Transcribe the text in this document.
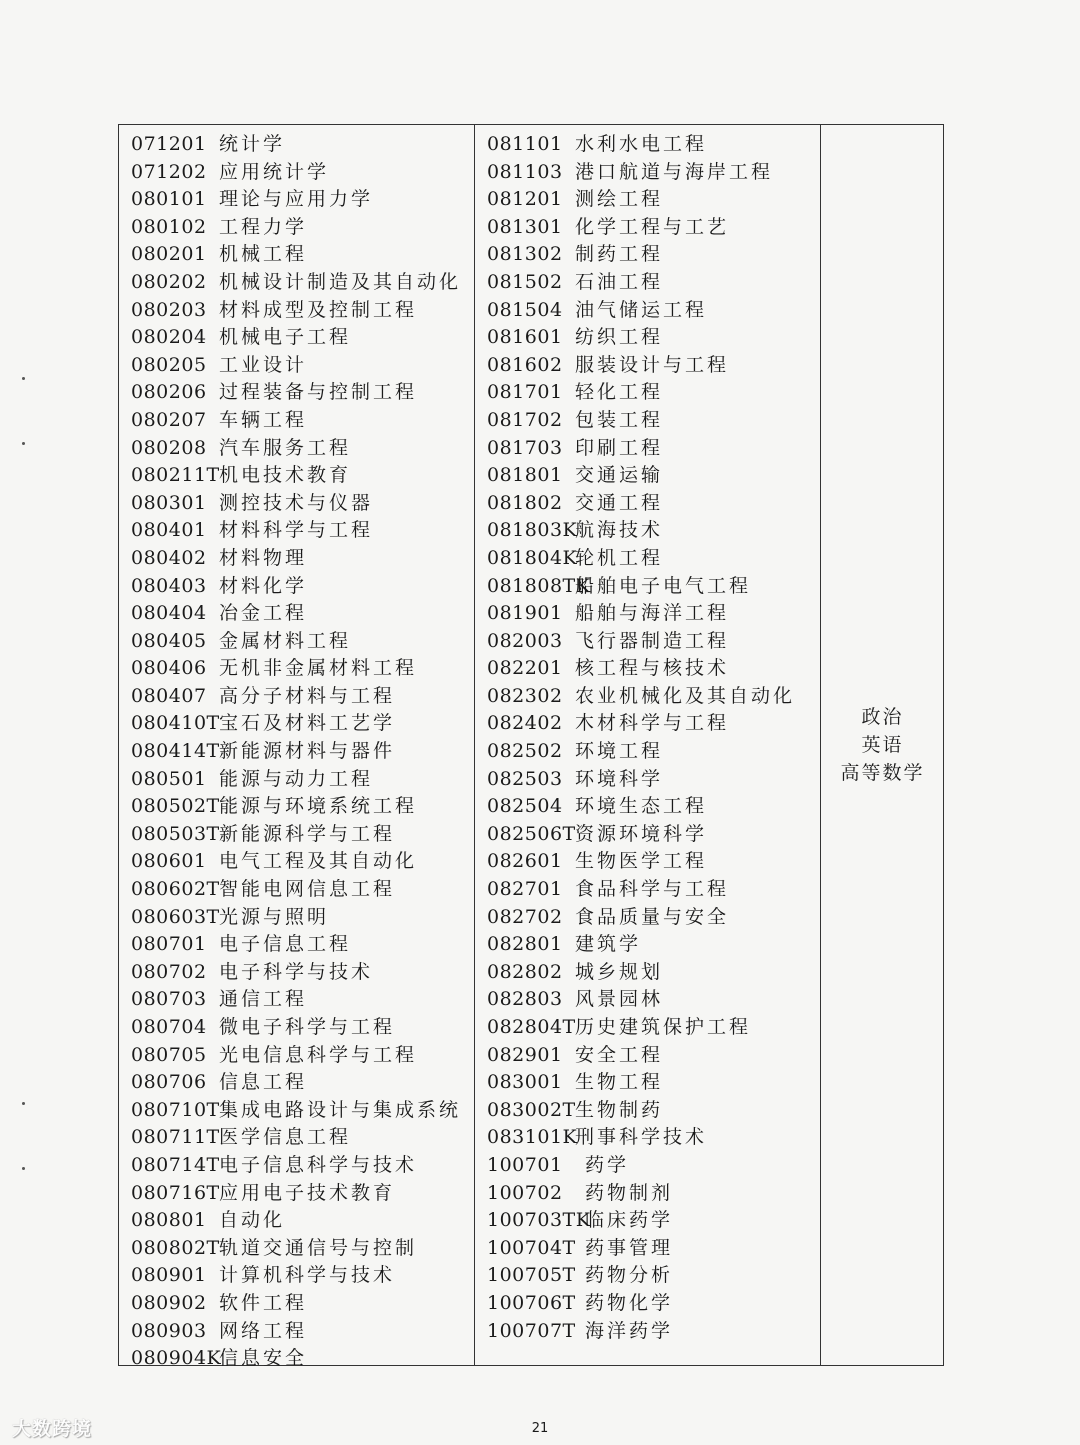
071201 统计学
071202 应用统计学
080101 理论与应用力学
080102 工程力学
080201 机械工程
080202 机械设计制造及其自动化
080203 材料成型及控制工程
080204 机械电子工程
080205 工业设计
080206 过程装备与控制工程
080207 车辆工程
080208 汽车服务工程
080211T 机电技术教育
080301 测控技术与仪器
080401 材料科学与工程
080402 材料物理
080403 材料化学
080404 冶金工程
080405 金属材料工程
080406 无机非金属材料工程
080407 高分子材料与工程
080410T 宝石及材料工艺学
080414T 新能源材料与器件
080501 能源与动力工程
080502T 能源与环境系统工程
080503T 新能源科学与工程
080601 电气工程及其自动化
080602T 智能电网信息工程
080603T 光源与照明
080701 电子信息工程
080702 电子科学与技术
080703 通信工程
080704 微电子科学与工程
080705 光电信息科学与工程
080706 信息工程
080710T 集成电路设计与集成系统
080711T 医学信息工程
080714T 电子信息科学与技术
080716T 应用电子技术教育
080801 自动化
080802T 轨道交通信号与控制
080901 计算机科学与技术
080902 软件工程
080903 网络工程
080904K
信息安全
081101 水利水电工程
081103 港口航道与海岸工程
081201 测绘工程
081301 化学工程与工艺
081302 制药工程
081502 石油工程
081504 油气储运工程
081601 纺织工程
081602 服装设计与工程
081701 轻化工程
081702 包装工程
081703 印刷工程
081801 交通运输
081802 交通工程
081803K
航海技术
081804K
轮机工程
081808TK
船舶电子电气工程
081901 船舶与海洋工程
082003 飞行器制造工程
082201 核工程与核技术
082302 农业机械化及其自动化
082402 木材科学与工程
082502 环境工程
082503 环境科学
082504 环境生态工程
082506T 资源环境科学
082601 生物医学工程
082701 食品科学与工程
082702 食品质量与安全
082801 建筑学
082802 城乡规划
082803 风景园林
082804T 历史建筑保护工程
082901 安全工程
083001 生物工程
083002T 生物制药
083101K
刑事科学技术
100701	药学
100702	药物制剂
100703TK
临床药学
100704T 药事管理
100705T 药物分析
100706T 药物化学
100707T 海洋药学
政治
英语
高等数学
21
大数跨境
